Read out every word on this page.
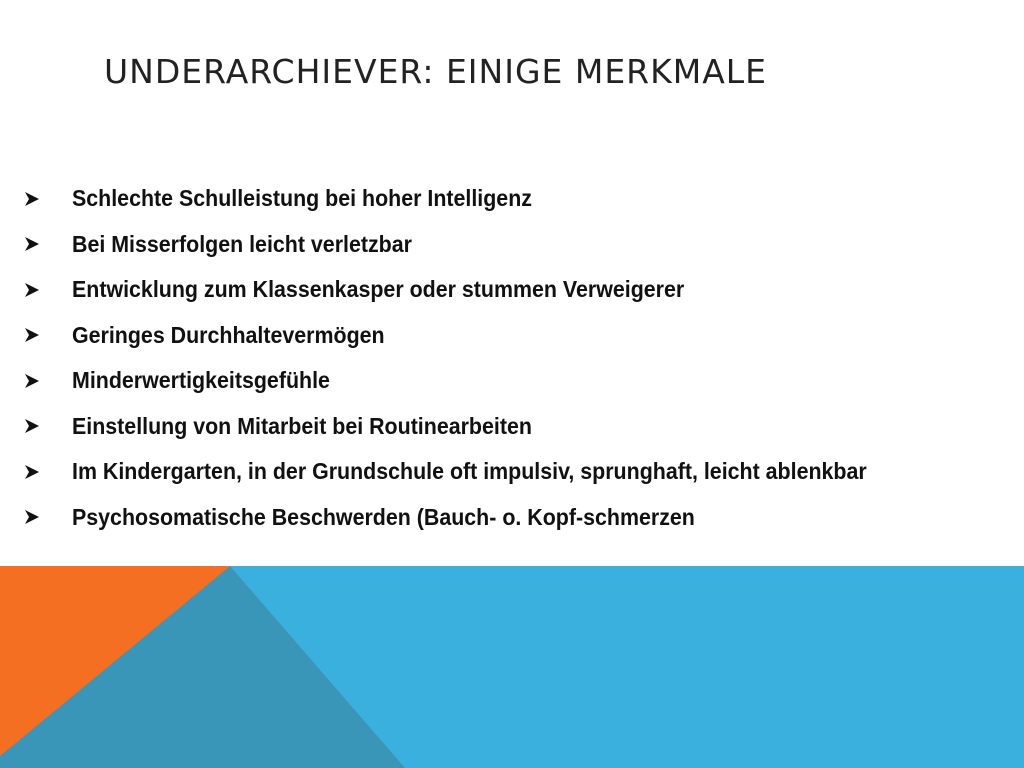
UNDERARCHIEVER: EINIGE MERKMALE
Schlechte Schulleistung bei hoher Intelligenz
Bei Misserfolgen leicht verletzbar
Entwicklung zum Klassenkasper oder stummen Verweigerer
Geringes Durchhaltevermögen
Minderwertigkeitsgefühle
Einstellung von Mitarbeit bei Routinearbeiten
Im Kindergarten, in der Grundschule oft impulsiv, sprunghaft, leicht ablenkbar
Psychosomatische Beschwerden (Bauch- o. Kopf-schmerzen
